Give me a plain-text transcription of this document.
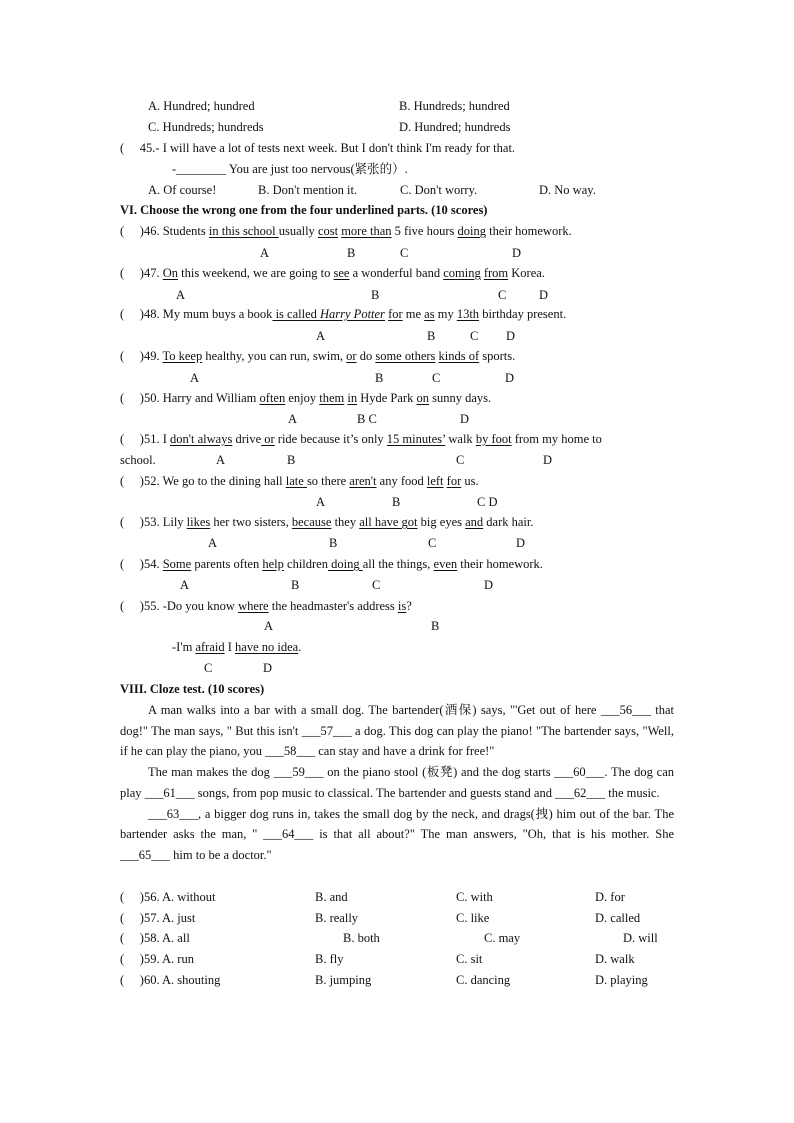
A. Hundred; hundred	B. Hundreds; hundred
C. Hundreds; hundreds	D. Hundred; hundreds
( 45.- I will have a lot of tests next week. But I don't think I'm ready for that.
-________ You are just too nervous(紧张的）.
A. Of course!	B. Don't mention it.	C. Don't worry.	D. No way.
VI. Choose the wrong one from the four underlined parts. (10 scores)
(     )46. Students in this school usually cost more than 5 five hours doing their homework.
A	B	C	D
(     )47. On this weekend, we are going to see a wonderful band coming from Korea.
A	B	C	D
(     )48. My mum buys a book is called Harry Potter for me as my 13th birthday present.
A	B	C D
(     )49. To keep healthy, you can run, swim, or do some others kinds of sports.
A	B	C	D
(     )50. Harry and William often enjoy them in Hyde Park on sunny days.
A	B C	D
(     )51. I don't always drive or ride because it’s only 15 minutes’ walk by foot from my home to
school.	A	B	C	D
(     )52. We go to the dining hall late so there aren't any food left for us.
A	B	C D
(     )53. Lily likes her two sisters, because they all have got big eyes and dark hair.
A	B	C	D
(     )54. Some parents often help children doing all the things, even their homework.
A	B	C	D
(     )55. -Do you know where the headmaster's address is?
A	B
-I'm afraid I have no idea.
C	D
VIII. Cloze test. (10 scores)

A man walks into a bar with a small dog. The bartender(酒保) says, "'Get out of here ___56___ that dog!" The man says, " But this isn't ___57___ a dog. This dog can play the piano! "The bartender says, "Well, if he can play the piano, you ___58___ can stay and have a drink for free!"

The man makes the dog ___59___ on the piano stool (板凳) and the dog starts ___60___. The dog can play ___61___ songs, from pop music to classical. The bartender and guests stand and ___62___ the music.

___63___, a bigger dog runs in, takes the small dog by the neck, and drags(拽) him out of the bar. The bartender asks the man, " ___64___ is that all about?" The man answers, "Oh, that is his mother. She ___65___ him to be a doctor."

(     )56. A. without	B. and	C. with	D. for
(     )57. A. just	B. really	C. like	D. called
(     )58. A. all	B. both	C. may	D. will
(     )59. A. run	B. fly	C. sit	D. walk
(     )60. A. shouting	B. jumping	C. dancing	D. playing
